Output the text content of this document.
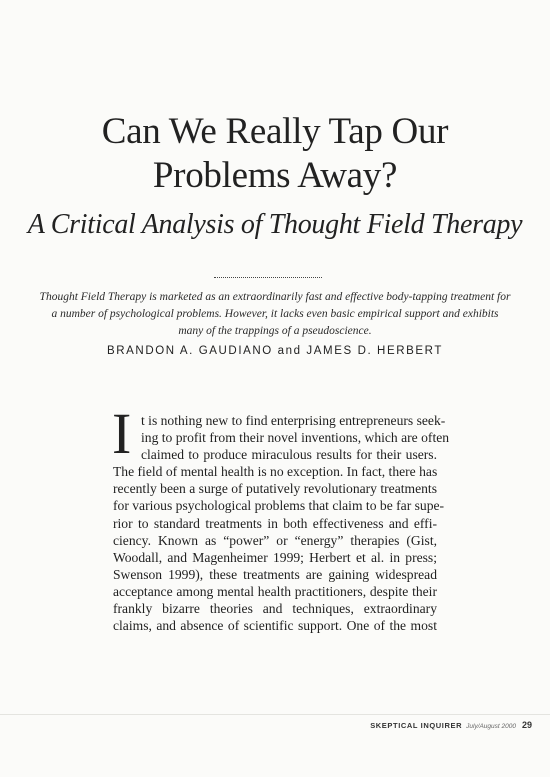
Can We Really Tap Our
Problems Away?
A Critical Analysis of Thought Field Therapy
Thought Field Therapy is marketed as an extraordinarily fast and effective body-tapping treatment for
a number of psychological problems. However, it lacks even basic empirical support and exhibits
many of the trappings of a pseudoscience.
BRANDON A. GAUDIANO and JAMES D. HERBERT
I t is nothing new to find enterprising entrepreneurs seek-
ing to profit from their novel inventions, which are often
claimed to produce miraculous results for their users.
The field of mental health is no exception. In fact, there has
recently been a surge of putatively revolutionary treatments
for various psychological problems that claim to be far supe-
rior to standard treatments in both effectiveness and effi-
ciency. Known as “power” or “energy” therapies (Gist,
Woodall, and Magenheimer 1999; Herbert et al. in press;
Swenson 1999), these treatments are gaining widespread
acceptance among mental health practitioners, despite their
frankly bizarre theories and techniques, extraordinary
claims, and absence of scientific support. One of the most
SKEPTICAL INQUIRER July/August 2000 29
